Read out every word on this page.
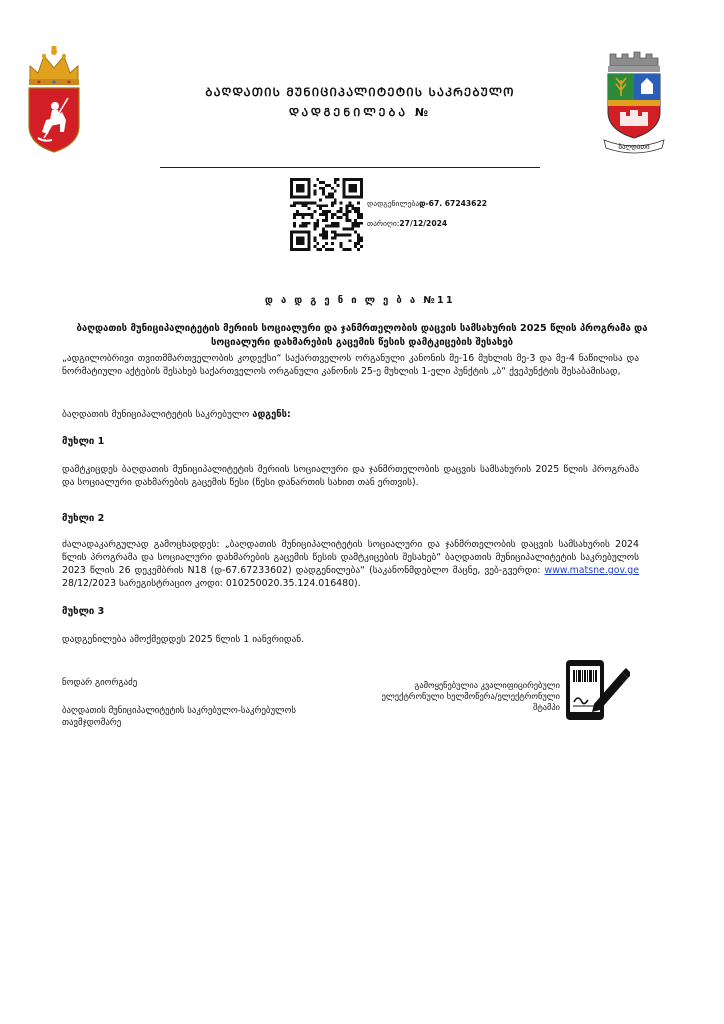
ბაღდათი
ᲑᲐᲦᲓᲐᲗᲘᲡ ᲛᲣᲜᲘᲪᲘᲞᲐᲚᲘᲢᲔᲢᲘᲡ ᲡᲐᲙᲠᲔᲑᲣᲚᲝ
ᲓᲐᲓᲒᲔᲜᲘᲚᲔᲑᲐ №
დადგენილებად-67. 67243622
თარიღი:27/12/2024
დ ა დ გ ე ნ ი ლ ე ბ ა №11
ბაღდათის მუნიციპალიტეტის მერიის სოციალური და ჯანმრთელობის დაცვის სამსახურის 2025 წლის პროგრამა და სოციალური დახმარების გაცემის წესის დამტკიცების შესახებ
„ადგილობრივი თვითმმართველობის კოდექსი“ საქართველოს ორგანული კანონის მე-16 მუხლის მე-3 და მე-4 ნაწილისა და ნორმატიული აქტების შესახებ საქართველოს ორგანული კანონის 25-ე მუხლის 1-ელი პუნქტის „ბ“ ქვეპუნქტის შესაბამისად,
ბაღდათის მუნიციპალიტეტის საკრებულო ადგენს:
მუხლი 1
დამტკიცდეს ბაღდათის მუნიციპალიტეტის მერიის სოციალური და ჯანმრთელობის დაცვის სამსახურის 2025 წლის პროგრამა და სოციალური დახმარების გაცემის წესი (წესი დანართის სახით თან ერთვის).
მუხლი 2
ძალადაკარგულად გამოცხადდეს: „ბაღდათის მუნიციპალიტეტის სოციალური და ჯანმრთელობის დაცვის სამსახურის 2024 წლის პროგრამა და სოციალური დახმარების გაცემის წესის დამტკიცების შესახებ“ ბაღდათის მუნიციპალიტეტის საკრებულოს 2023 წლის 26 დეკემბრის N18 (დ-67.67233602) დადგენილება“ (საკანონმდებლო მაცნე, ვებ-გვერდი: www.matsne.gov.ge 28/12/2023 სარეგისტრაციო კოდი: 010250020.35.124.016480).
მუხლი 3
დადგენილება ამოქმედდეს 2025 წლის 1 იანვრიდან.
ნოდარ გიორგაძე
ბაღდათის მუნიციპალიტეტის საკრებულო-საკრებულოს თავმჯდომარე
გამოყენებულია კვალიფიცირებული ელექტრონული ხელმოწერა/ელექტრონული შტამპი
